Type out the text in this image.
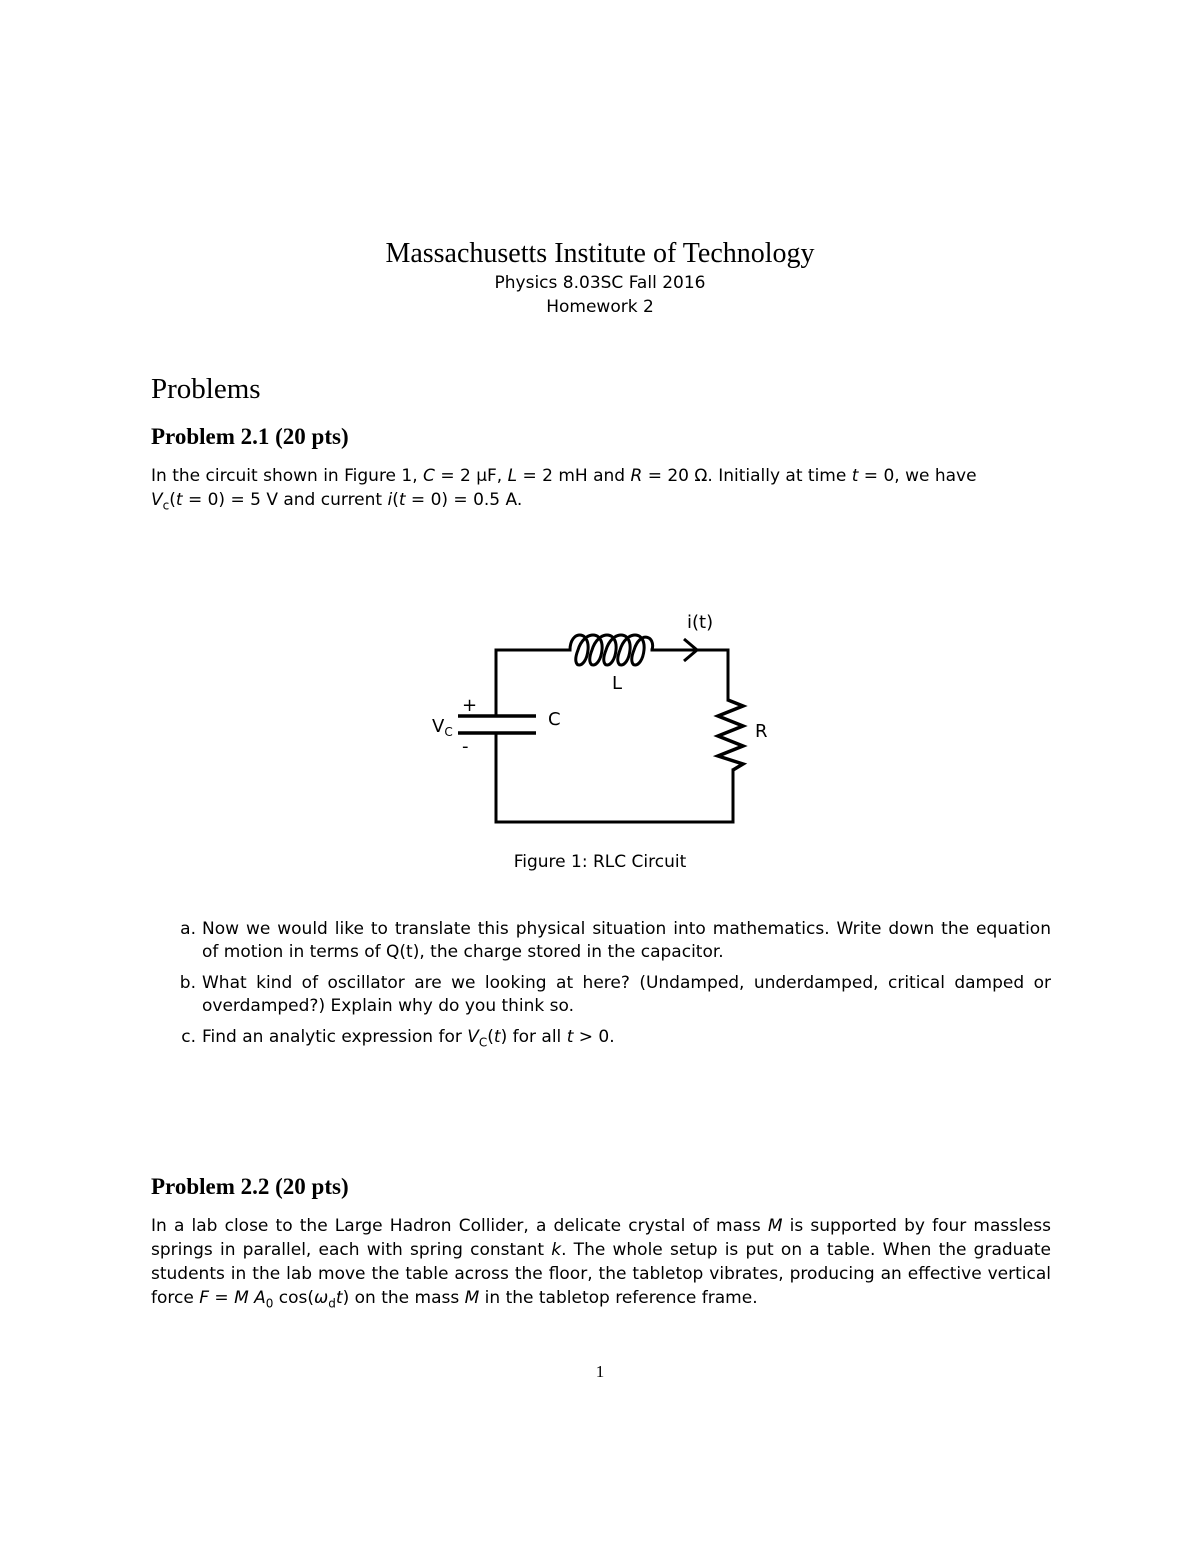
Massachusetts Institute of Technology
Physics 8.03SC Fall 2016
Homework 2
Problems
Problem 2.1 (20 pts)
In the circuit shown in Figure 1, C = 2 μF, L = 2 mH and R = 20 Ω. Initially at time t = 0, we have
$V_c(t = 0) = 5$ V and current i(t = 0) = 0.5 A.
i(t)
L
C
R
+
-
$V_C$
Figure 1: RLC Circuit
a. Now we would like to translate this physical situation into mathematics. Write down the equation of motion in terms of Q(t), the charge stored in the capacitor.
b. What kind of oscillator are we looking at here? (Undamped, underdamped, critical damped or overdamped?) Explain why do you think so.
c. Find an analytic expression for $V_C(t)$ for all t > 0.
Problem 2.2 (20 pts)
In a lab close to the Large Hadron Collider, a delicate crystal of mass M is supported by four massless springs in parallel, each with spring constant k. The whole setup is put on a table. When the graduate students in the lab move the table across the floor, the tabletop vibrates, producing an effective vertical force F = M $A_0$ $\cos(\omega_dt)$ on the mass M in the tabletop reference frame.
1
